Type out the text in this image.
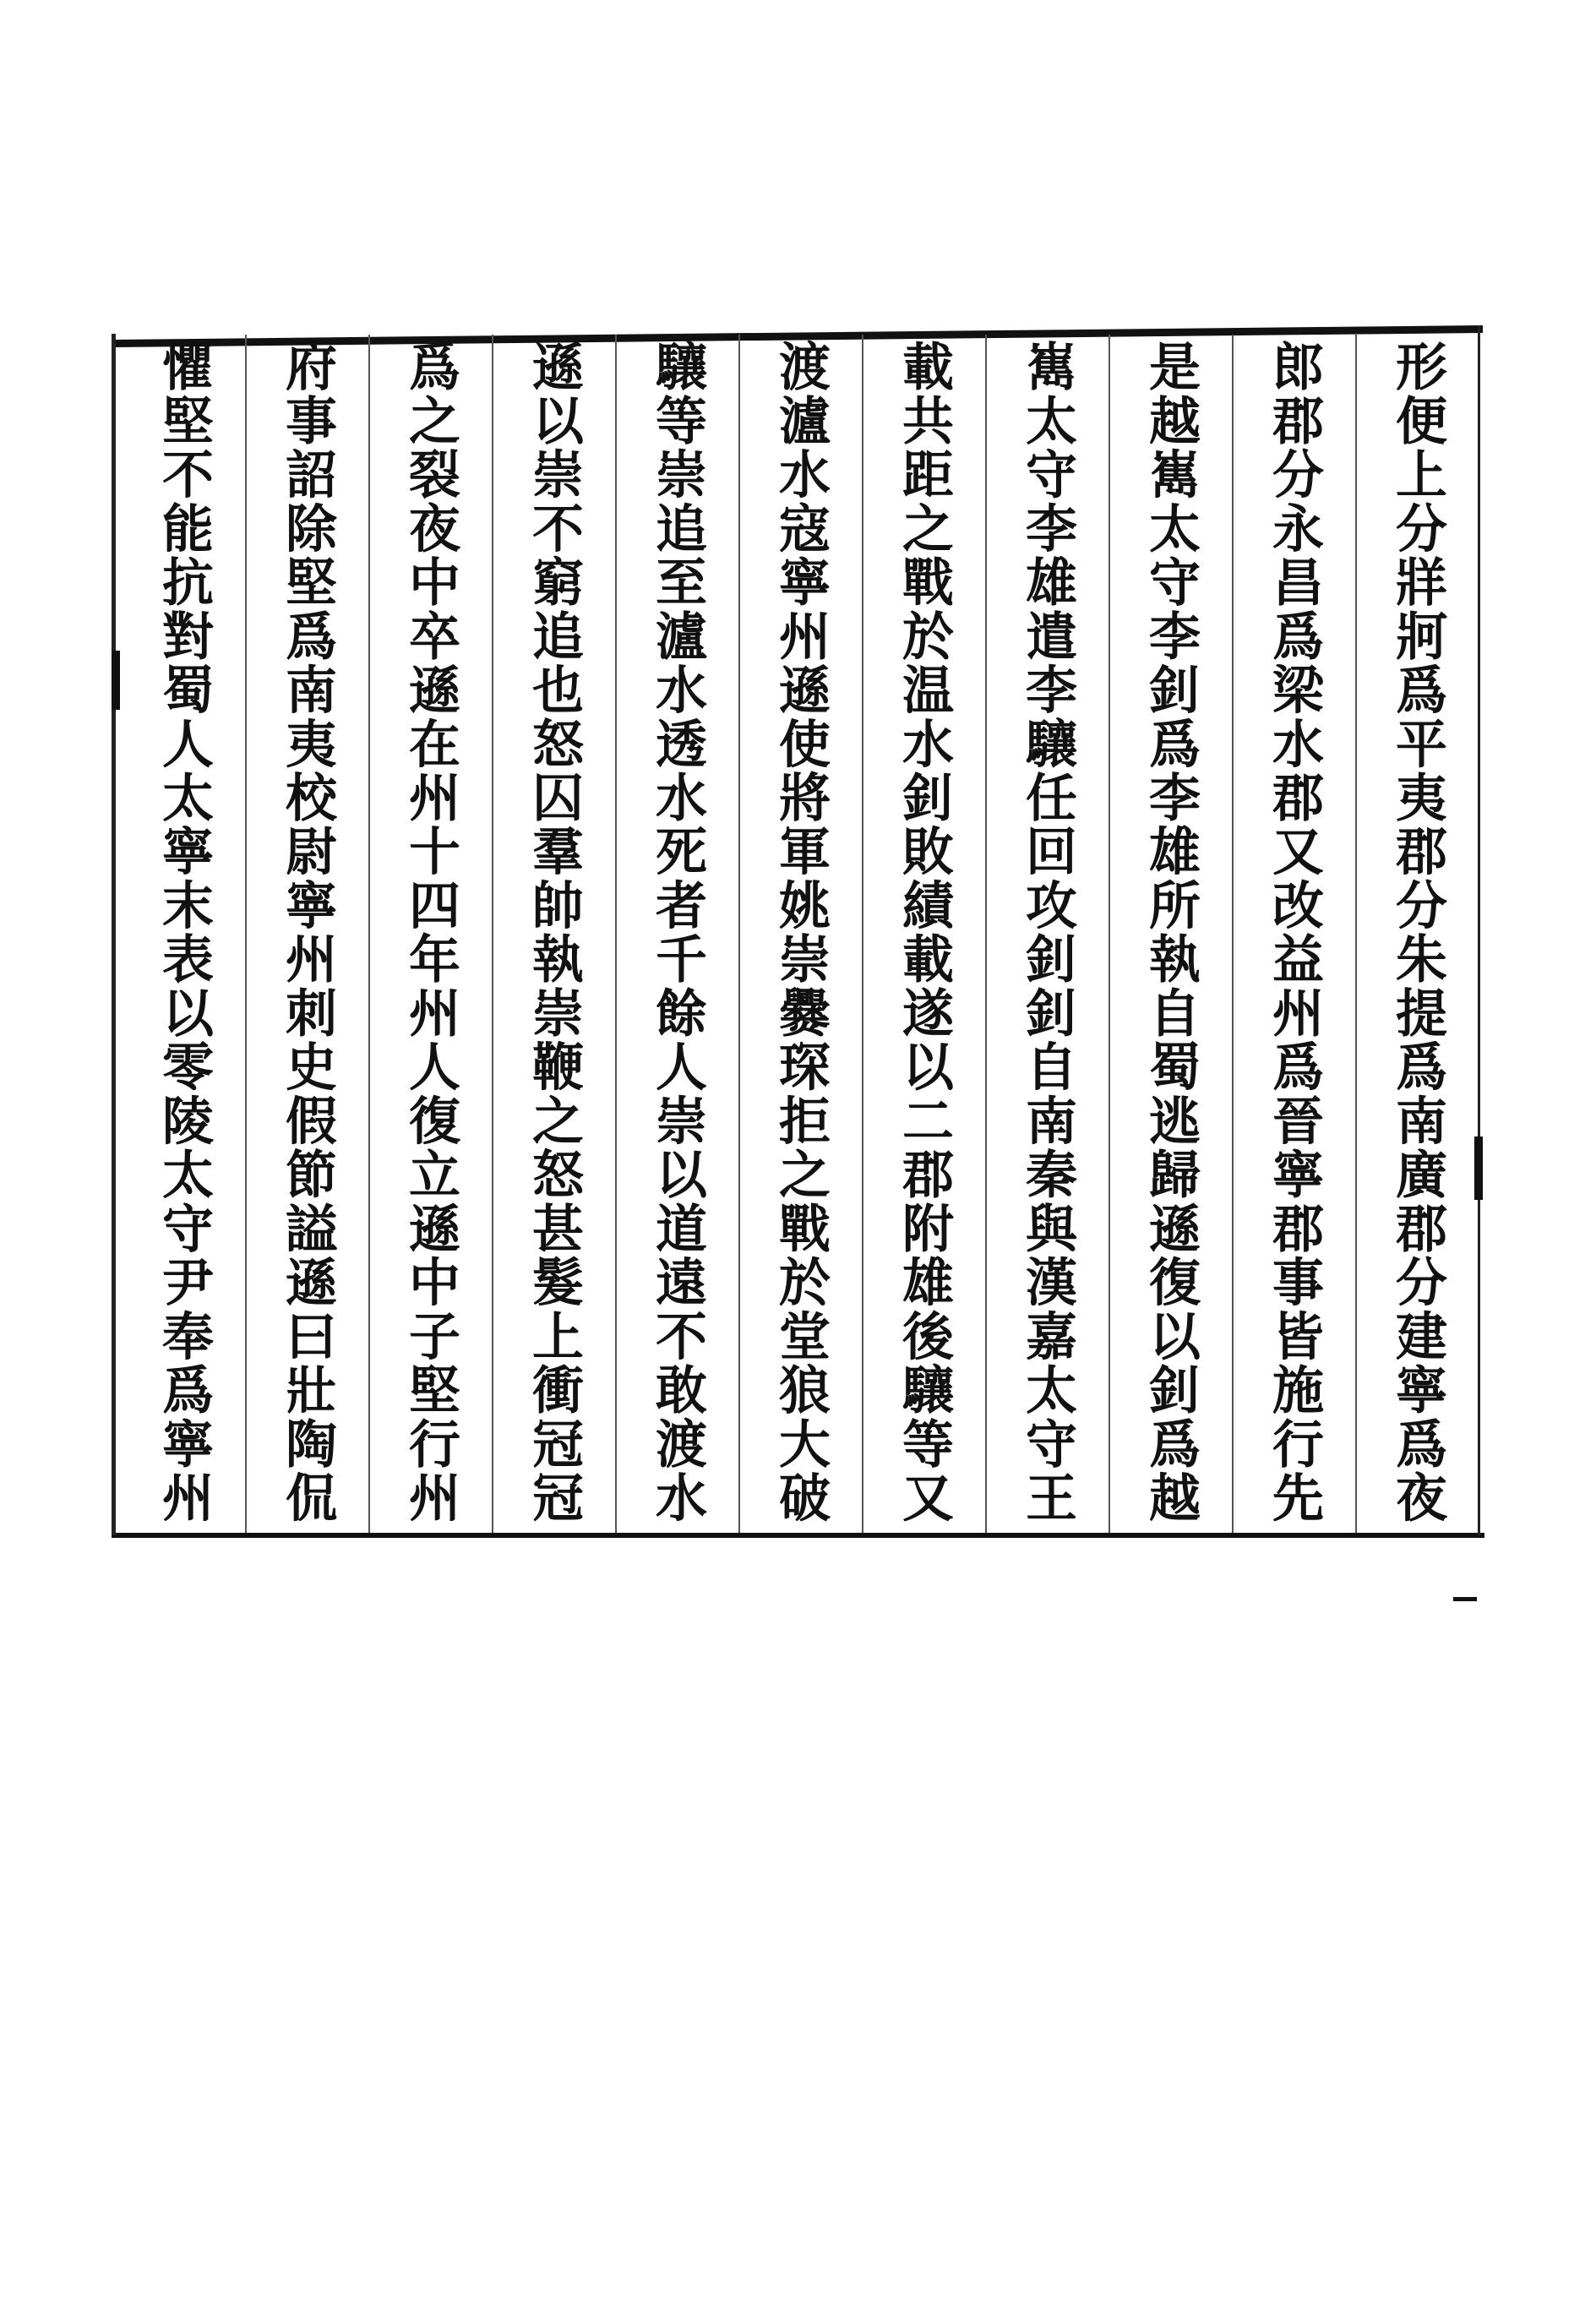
形便上分牂牁爲平夷郡分朱提爲南廣郡分建寧爲夜
郎郡分永昌爲梁水郡又改益州爲晉寧郡事皆施行先
是越嶲太守李釗爲李雄所執自蜀逃歸遜復以釗爲越
嶲太守李雄遣李驤任回攻釗釗自南秦與漢嘉太守王
載共距之戰於温水釗敗績載遂以二郡附雄後驤等又
渡瀘水寇寧州遜使將軍姚崇爨琛拒之戰於堂狼大破
驤等崇追至瀘水透水死者千餘人崇以道遠不敢渡水
遜以崇不窮追也怒囚羣帥執崇鞭之怒甚髮上衝冠冠
爲之裂夜中卒遜在州十四年州人復立遜中子堅行州
府事詔除堅爲南夷校尉寧州刺史假節謚遜曰壯陶侃
懼堅不能抗對蜀人太寧末表以零陵太守尹奉爲寧州
